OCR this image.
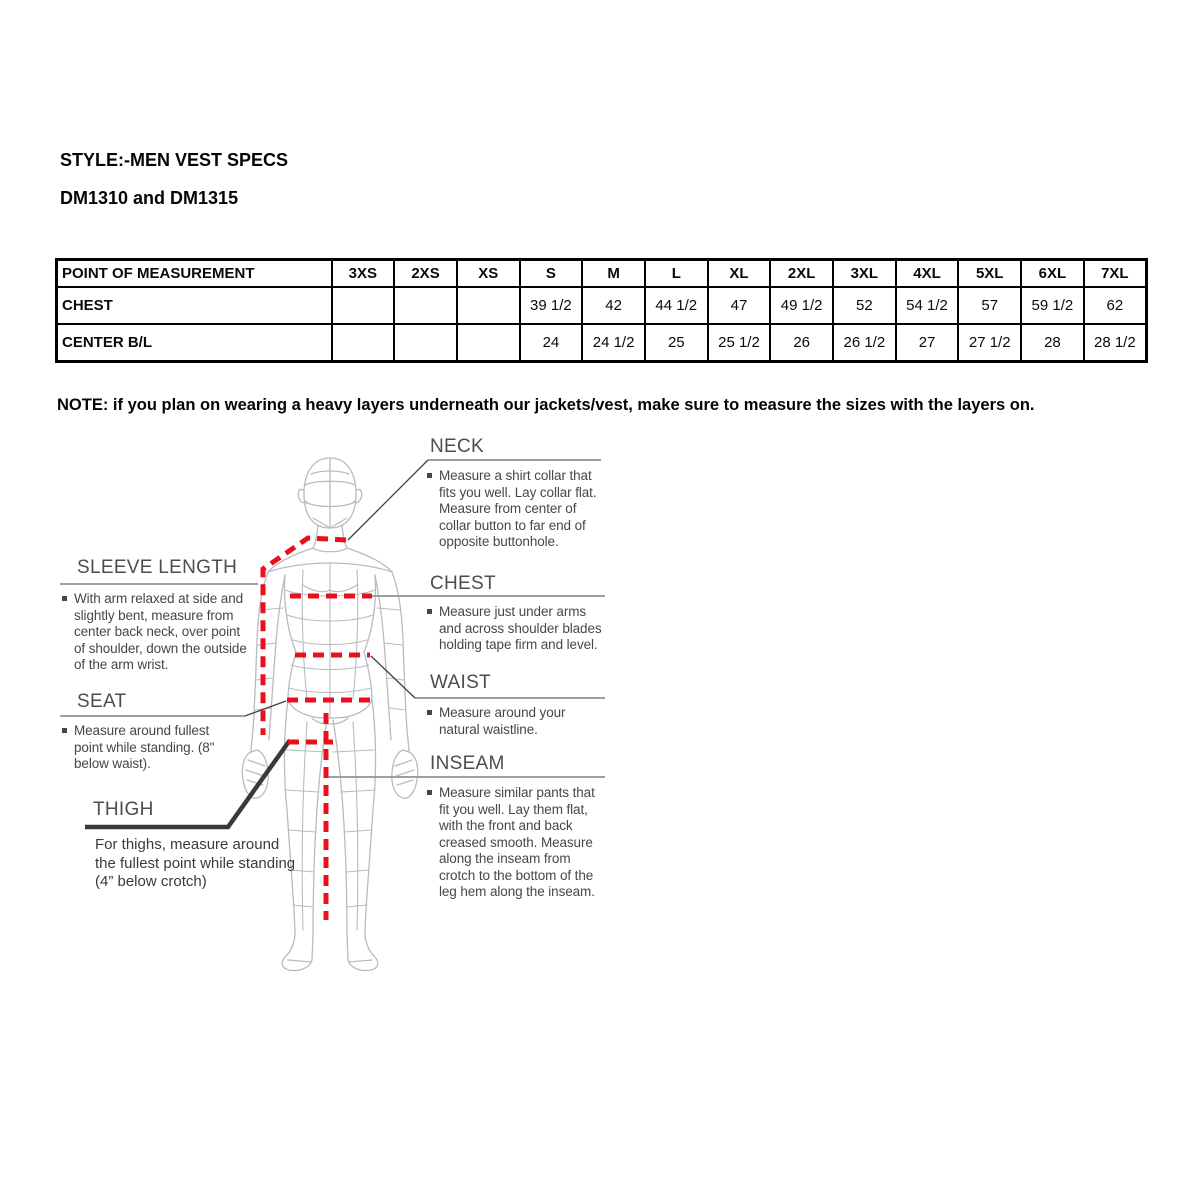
STYLE:-MEN VEST SPECS
DM1310 and DM1315
POINT OF MEASUREMENT	3XS	2XS	XS	S	M	L	XL	2XL	3XL	4XL	5XL	6XL	7XL
CHEST				39 1/2	42	44 1/2	47	49 1/2	52	54 1/2	57	59 1/2	62
CENTER B/L				24	24 1/2	25	25 1/2	26	26 1/2	27	27 1/2	28	28 1/2
NOTE: if you plan on wearing a heavy layers underneath our jackets/vest, make sure to measure the sizes with the layers on.
NECK
Measure a shirt collar that fits you well. Lay collar flat. Measure from center of collar button to far end of opposite buttonhole.
CHEST
Measure just under arms and across shoulder blades holding tape firm and level.
WAIST
Measure around your natural waistline.
INSEAM
Measure similar pants that fit you well. Lay them flat, with the front and back creased smooth. Measure along the inseam from crotch to the bottom of the leg hem along the inseam.
SLEEVE LENGTH
With arm relaxed at side and slightly bent, measure from center back neck, over point of shoulder, down the outside of the arm wrist.
SEAT
Measure around fullest point while standing. (8" below waist).
THIGH
For thighs, measure around the fullest point while standing (4” below crotch)
